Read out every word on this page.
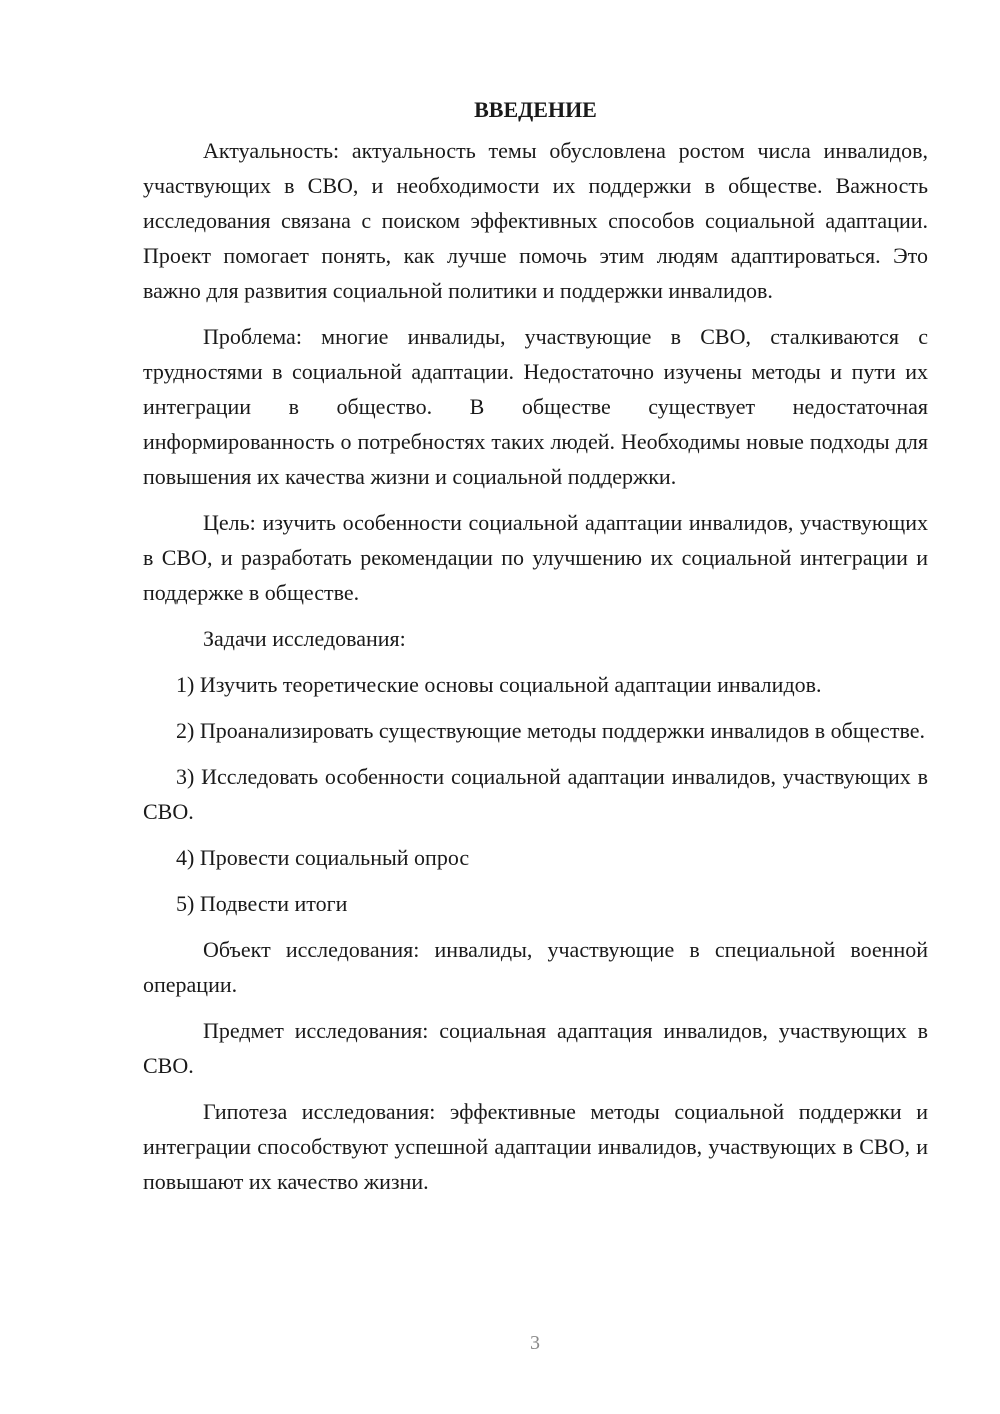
ВВЕДЕНИЕ

Актуальность: актуальность темы обусловлена ростом числа инвалидов, участвующих в СВО, и необходимости их поддержки в обществе. Важность исследования связана с поиском эффективных способов социальной адаптации. Проект помогает понять, как лучше помочь этим людям адаптироваться. Это важно для развития социальной политики и поддержки инвалидов.

Проблема: многие инвалиды, участвующие в СВО, сталкиваются с трудностями в социальной адаптации. Недостаточно изучены методы и пути их интеграции в общество. В обществе существует недостаточная информированность о потребностях таких людей. Необходимы новые подходы для повышения их качества жизни и социальной поддержки.

Цель: изучить особенности социальной адаптации инвалидов, участвующих в СВО, и разработать рекомендации по улучшению их социальной интеграции и поддержке в обществе.

Задачи исследования:

1) Изучить теоретические основы социальной адаптации инвалидов.

2) Проанализировать существующие методы поддержки инвалидов в обществе.

3) Исследовать особенности социальной адаптации инвалидов, участвующих в СВО.

4) Провести социальный опрос

5) Подвести итоги

Объект исследования: инвалиды, участвующие в специальной военной операции.

Предмет исследования: социальная адаптация инвалидов, участвующих в СВО.

Гипотеза исследования: эффективные методы социальной поддержки и интеграции способствуют успешной адаптации инвалидов, участвующих в СВО, и повышают их качество жизни.

3
